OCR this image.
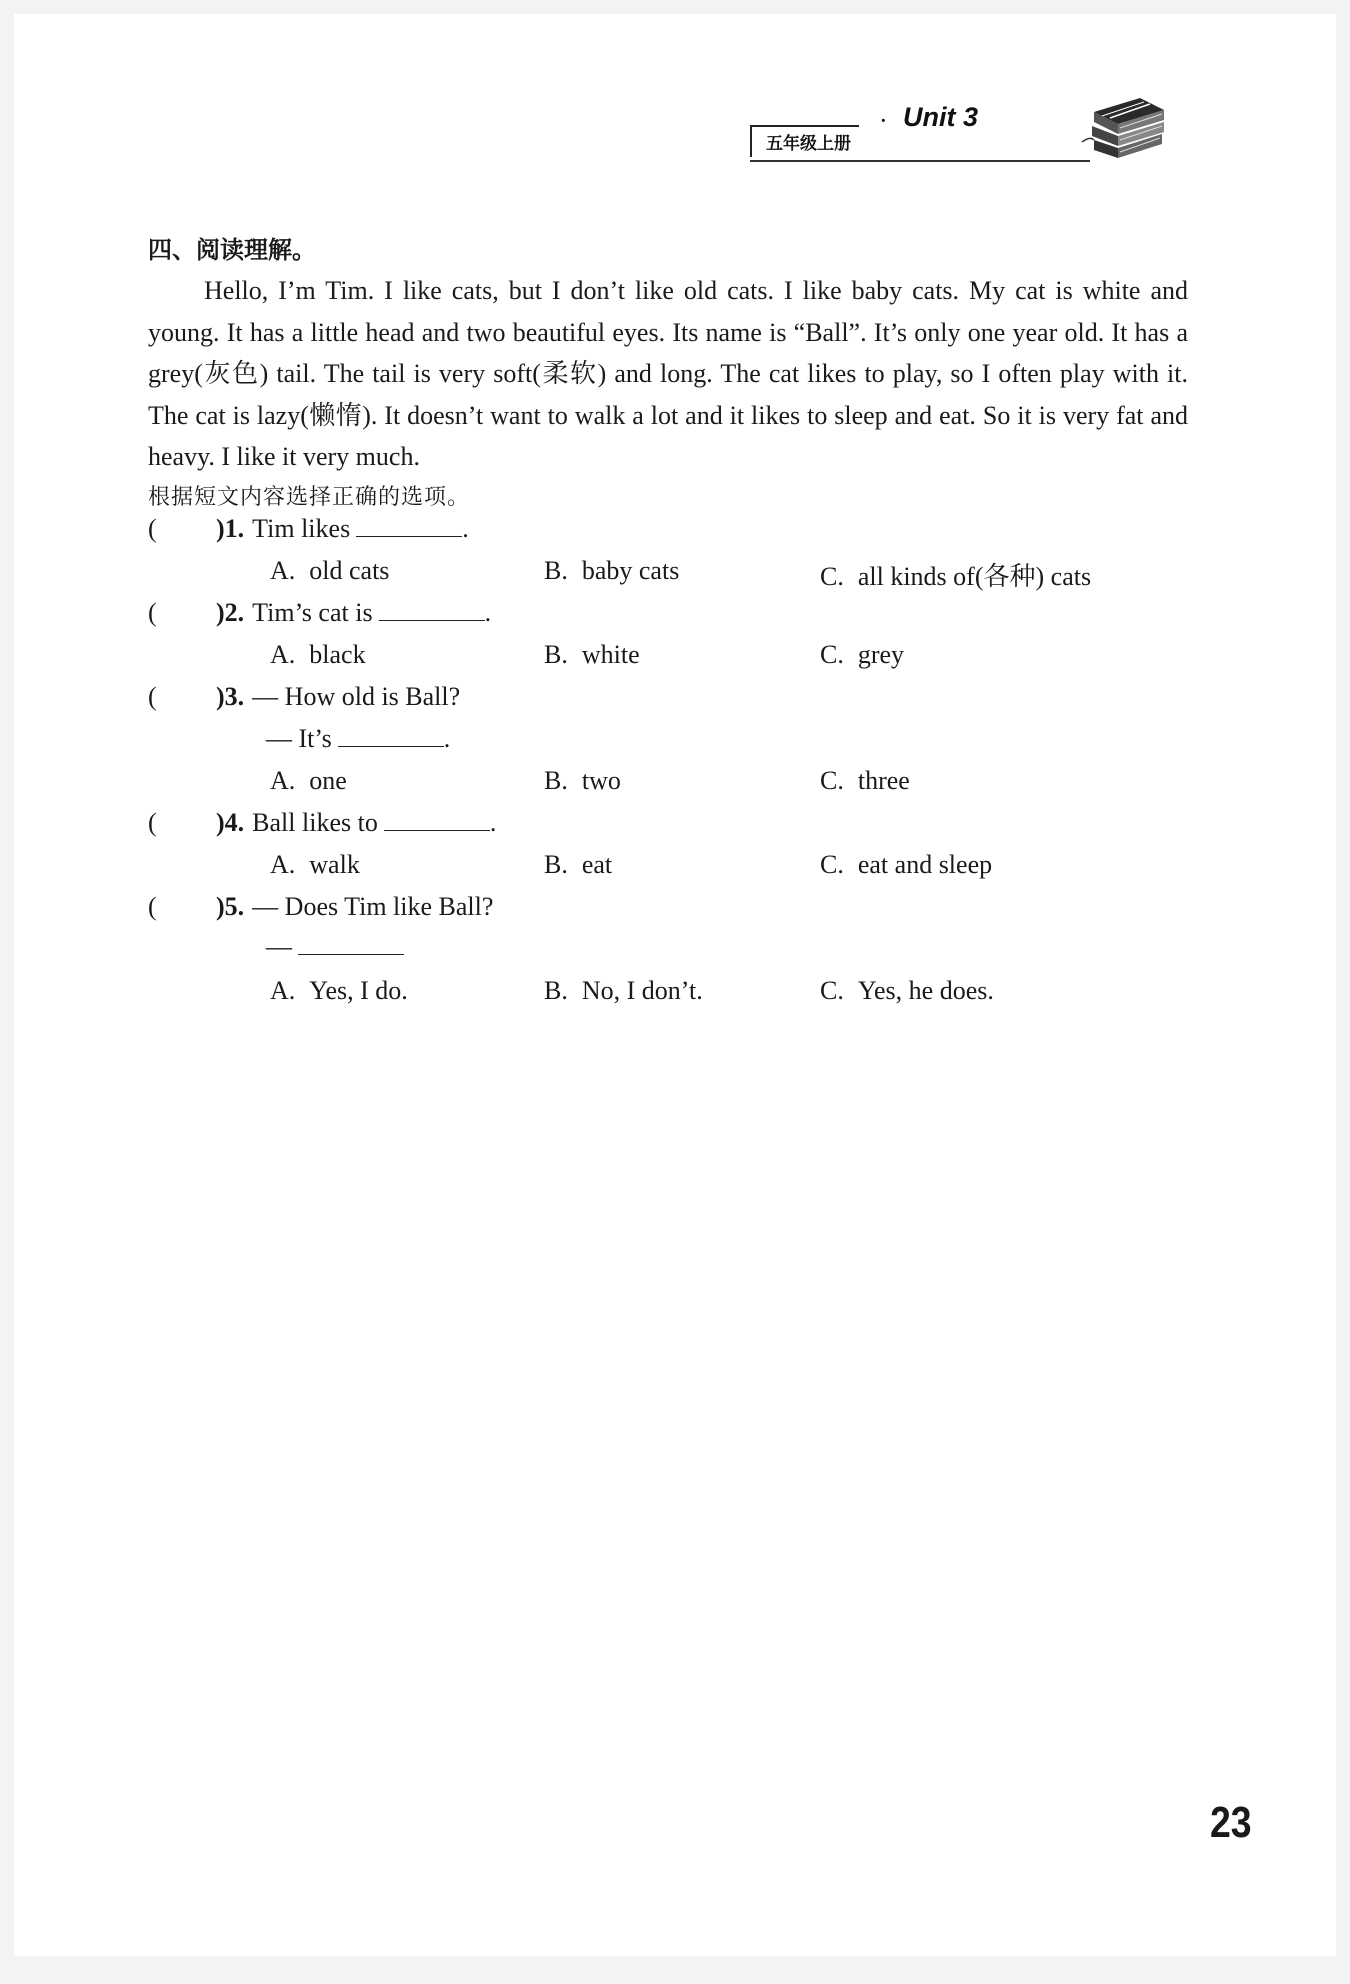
五年级上册
· Unit 3
四、阅读理解。
Hello, I’m Tim. I like cats, but I don’t like old cats. I like baby cats. My cat is white and young. It has a little head and two beautiful eyes. Its name is “Ball”. It’s only one year old. It has a grey(灰色) tail. The tail is very soft(柔软) and long. The cat likes to play, so I often play with it. The cat is lazy(懒惰). It doesn’t want to walk a lot and it likes to sleep and eat. So it is very fat and heavy. I like it very much.
根据短文内容选择正确的选项。
( )1. Tim likes	.
A. old cats	B. baby cats	C. all kinds of(各种) cats
( )2. Tim’s cat is	.
A. black	B. white	C. grey
( )3. — How old is Ball?
— It’s	.
A. one	B. two	C. three
( )4. Ball likes to	.
A. walk	B. eat	C. eat and sleep
( )5. — Does Tim like Ball?
—
A. Yes, I do.	B. No, I don’t.	C. Yes, he does.
23
